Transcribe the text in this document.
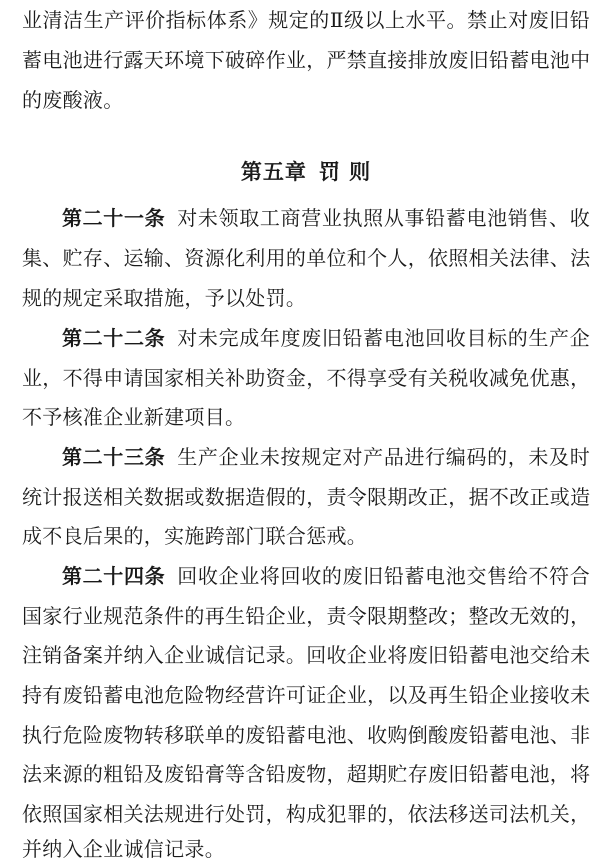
业清洁生产评价指标体系》规定的Ⅱ级以上水平。禁止对废旧铅
蓄电池进行露天环境下破碎作业，严禁直接排放废旧铅蓄电池中
的废酸液。
第五章 罚 则
第二十一条 对未领取工商营业执照从事铅蓄电池销售、收
集、贮存、运输、资源化利用的单位和个人，依照相关法律、法
规的规定采取措施，予以处罚。
第二十二条 对未完成年度废旧铅蓄电池回收目标的生产企
业，不得申请国家相关补助资金，不得享受有关税收减免优惠，
不予核准企业新建项目。
第二十三条 生产企业未按规定对产品进行编码的，未及时
统计报送相关数据或数据造假的，责令限期改正，据不改正或造
成不良后果的，实施跨部门联合惩戒。
第二十四条 回收企业将回收的废旧铅蓄电池交售给不符合
国家行业规范条件的再生铅企业，责令限期整改；整改无效的，
注销备案并纳入企业诚信记录。回收企业将废旧铅蓄电池交给未
持有废铅蓄电池危险物经营许可证企业，以及再生铅企业接收未
执行危险废物转移联单的废铅蓄电池、收购倒酸废铅蓄电池、非
法来源的粗铅及废铅膏等含铅废物，超期贮存废旧铅蓄电池，将
依照国家相关法规进行处罚，构成犯罪的，依法移送司法机关，
并纳入企业诚信记录。
